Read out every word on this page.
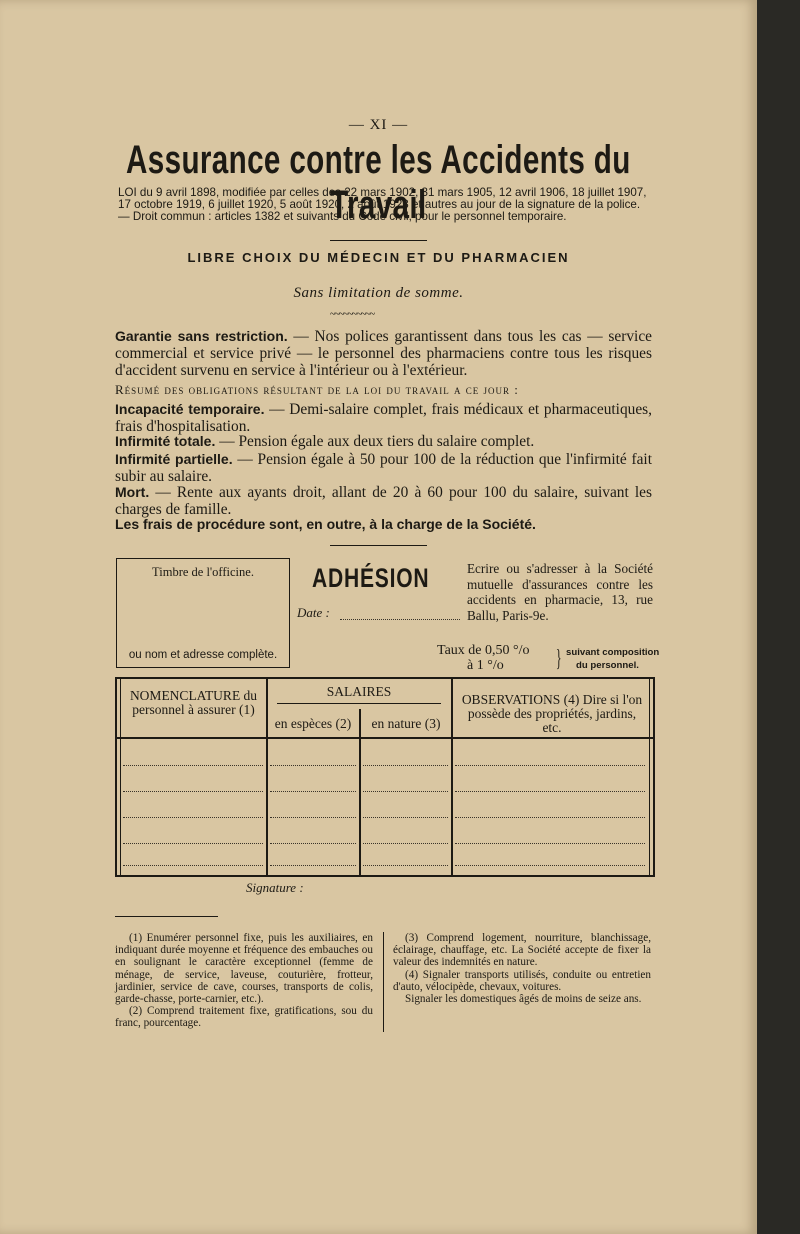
— XI —
Assurance contre les Accidents du Travail
LOI du 9 avril 1898, modifiée par celles des 22 mars 1902, 31 mars 1905, 12 avril 1906, 18 juillet 1907, 17 octobre 1919, 6 juillet 1920, 5 août 1920, 2 août 1923 et autres au jour de la signature de la police. — Droit commun : articles 1382 et suivants du Code civil, pour le personnel temporaire.
LIBRE CHOIX DU MÉDECIN ET DU PHARMACIEN
Sans limitation de somme.
~~~~~~~~~~
Garantie sans restriction. — Nos polices garantissent dans tous les cas — service commercial et service privé — le personnel des pharmaciens contre tous les risques d'accident survenu en service à l'intérieur ou à l'extérieur.
Résumé des obligations résultant de la loi du travail a ce jour :
Incapacité temporaire. — Demi-salaire complet, frais médicaux et pharmaceutiques, frais d'hospitalisation.
Infirmité totale. — Pension égale aux deux tiers du salaire complet.
Infirmité partielle. — Pension égale à 50 pour 100 de la réduction que l'infirmité fait subir au salaire.
Mort. — Rente aux ayants droit, allant de 20 à 60 pour 100 du salaire, suivant les charges de famille.
Les frais de procédure sont, en outre, à la charge de la Société.
Timbre de l'officine.
ou nom et adresse complète.
ADHÉSION
Date :
Ecrire ou s'adresser à la Société mutuelle d'assurances contre les accidents en pharmacie, 13, rue Ballu, Paris-9e.
Taux de 0,50 °/o
à 1 °/o	} suivant composition
du personnel.
NOMENCLATURE du personnel à assurer (1)
SALAIRES
en espèces (2)	en nature (3)
OBSERVATIONS (4) Dire si l'on possède des propriétés, jardins, etc.
Signature :
(1) Enumérer personnel fixe, puis les auxiliaires, en indiquant durée moyenne et fréquence des embauches ou en soulignant le caractère exceptionnel (femme de ménage, de service, laveuse, couturière, frotteur, jardinier, service de cave, courses, transports de colis, garde-chasse, porte-carnier, etc.).
(2) Comprend traitement fixe, gratifications, sou du franc, pourcentage.
(3) Comprend logement, nourriture, blanchissage, éclairage, chauffage, etc. La Société accepte de fixer la valeur des indemnités en nature.
(4) Signaler transports utilisés, conduite ou entretien d'auto, vélocipède, chevaux, voitures.
Signaler les domestiques âgés de moins de seize ans.
